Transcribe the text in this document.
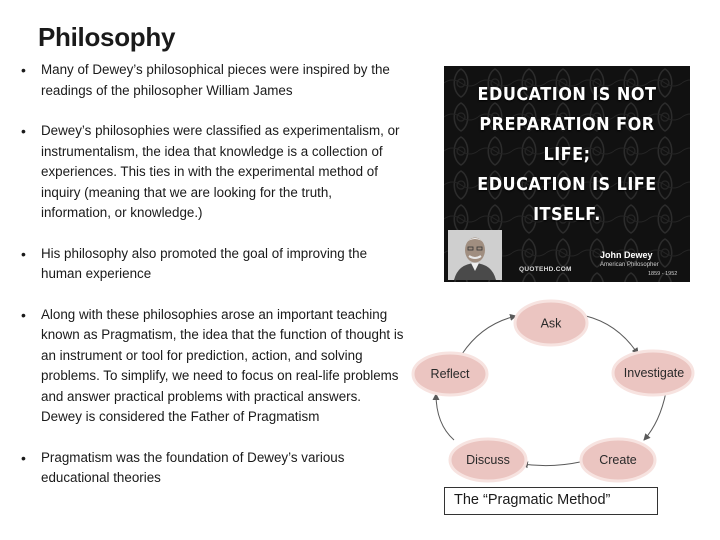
Philosophy
• Many of Dewey’s philosophical pieces were inspired by the readings of the philosopher William James
• Dewey’s philosophies were classified as experimentalism, or instrumentalism, the idea that knowledge is a collection of experiences. This ties in with the experimental method of inquiry (meaning that we are looking for the truth, information, or knowledge.)
• His philosophy also promoted the goal of improving the human experience
• Along with these philosophies arose an important teaching known as Pragmatism, the idea that the function of thought is an instrument or tool for prediction, action, and solving problems. To simplify, we need to focus on real-life problems and answer practical problems with practical answers. Dewey is considered the Father of Pragmatism
• Pragmatism was the foundation of Dewey’s various educational theories
EDUCATION IS NOT
PREPARATION FOR LIFE;
EDUCATION IS LIFE
ITSELF.
John Dewey
American Philosopher
QUOTEHD.COM
1859 - 1952
Ask
Investigate
Create
Discuss
Reflect
The “Pragmatic Method”
